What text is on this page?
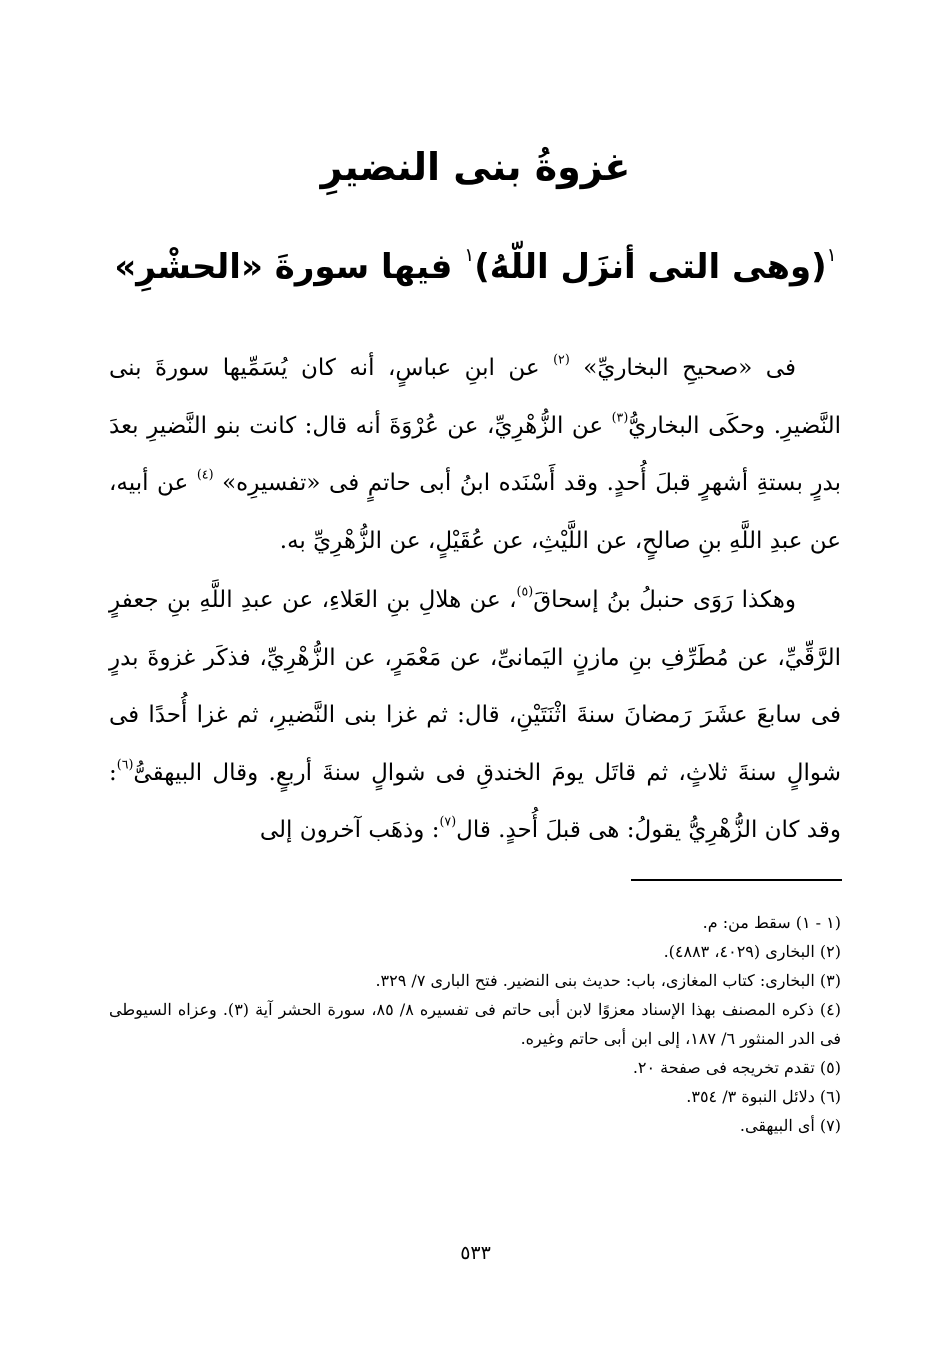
غزوةُ بنى النضيرِ
$^١$(وهى التى أنزَل اللّهُ)$^١$ فيها سورةَ «الحشْرِ»

فى «صحيحِ البخاريِّ» $^{(٢)}$ عن ابنِ عباسٍ، أنه كان يُسَمِّيها سورةَ بنى النَّضيرِ. وحكَى البخاريُّ$^{(٣)}$ عن الزُّهْرِيِّ، عن عُرْوَةَ أنه قال: كانت بنو النَّضيرِ بعدَ بدرٍ بستةِ أشهرٍ قبلَ أُحدٍ. وقد أَسْنَده ابنُ أبى حاتمٍ فى «تفسيرِه» $^{(٤)}$ عن أبيه، عن عبدِ اللَّهِ بنِ صالحٍ، عن اللَّيْثِ، عن عُقَيْلٍ، عن الزُّهْرِيِّ به.

وهكذا رَوَى حنبلُ بنُ إسحاقَ$^{(٥)}$، عن هلالِ بنِ العَلاءِ، عن عبدِ اللَّهِ بنِ جعفرٍ الرَّقِّيِّ، عن مُطَرِّفِ بنِ مازنٍ اليَمانىِّ، عن مَعْمَرٍ، عن الزُّهْرِيِّ، فذكَر غزوةَ بدرٍ فى سابعَ عشَرَ رَمضانَ سنةَ اثْنَتَيْنِ، قال: ثم غزا بنى النَّضيرِ، ثم غزا أُحدًا فى شوالٍ سنةَ ثلاثٍ، ثم قاتَل يومَ الخندقِ فى شوالٍ سنةَ أربعٍ. وقال البيهقىُّ$^{(٦)}$: وقد كان الزُّهْرِيُّ يقولُ: هى قبلَ أُحدٍ. قال$^{(٧)}$: وذهَب آخرون إلى

(١ - ١) سقط من: م.
(٢) البخارى (٤٠٢٩، ٤٨٨٣).
(٣) البخارى: كتاب المغازى، باب: حديث بنى النضير. فتح البارى ٧/ ٣٢٩.
(٤) ذكره المصنف بهذا الإسناد معزوًا لابن أبى حاتم فى تفسيره ٨/ ٨٥، سورة الحشر آية (٣). وعزاه السيوطى فى الدر المنثور ٦/ ١٨٧، إلى ابن أبى حاتم وغيره.
(٥) تقدم تخريجه فى صفحة ٢٠.
(٦) دلائل النبوة ٣/ ٣٥٤.
(٧) أى البيهقى.
٥٣٣
